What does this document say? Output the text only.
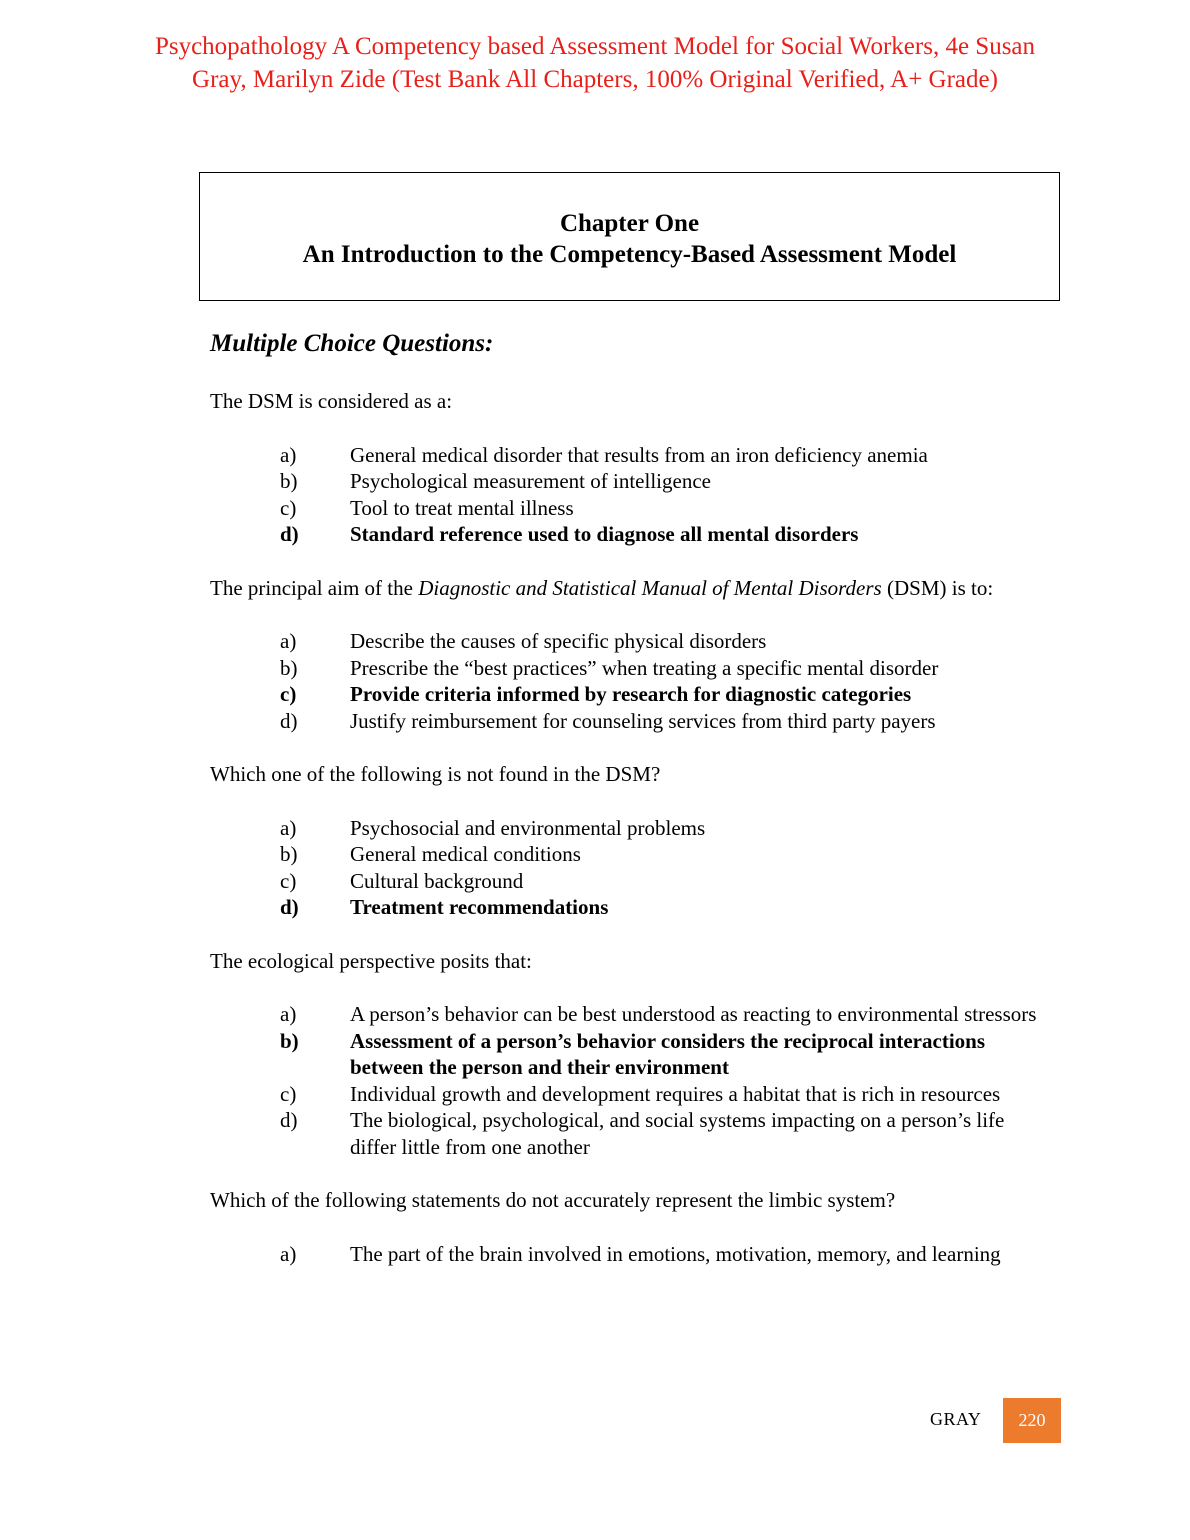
Psychopathology A Competency based Assessment Model for Social Workers, 4e Susan
Gray, Marilyn Zide (Test Bank All Chapters, 100% Original Verified, A+ Grade)
Chapter One
An Introduction to the Competency-Based Assessment Model
Multiple Choice Questions:
The DSM is considered as a:
a)	General medical disorder that results from an iron deficiency anemia
b)	Psychological measurement of intelligence
c)	Tool to treat mental illness
d) Standard reference used to diagnose all mental disorders
The principal aim of the Diagnostic and Statistical Manual of Mental Disorders (DSM) is to:
a)	Describe the causes of specific physical disorders
b)	Prescribe the “best practices” when treating a specific mental disorder
c)	Provide criteria informed by research for diagnostic categories
d)	Justify reimbursement for counseling services from third party payers
Which one of the following is not found in the DSM?
a)	Psychosocial and environmental problems
b)	General medical conditions
c)	Cultural background
d) Treatment recommendations
The ecological perspective posits that:
a)	A person’s behavior can be best understood as reacting to environmental stressors
b) Assessment of a person’s behavior considers the reciprocal interactions between the person and their environment
c)	Individual growth and development requires a habitat that is rich in resources
d)	The biological, psychological, and social systems impacting on a person’s life differ little from one another
Which of the following statements do not accurately represent the limbic system?
a)	The part of the brain involved in emotions, motivation, memory, and learning
GRAY	220
